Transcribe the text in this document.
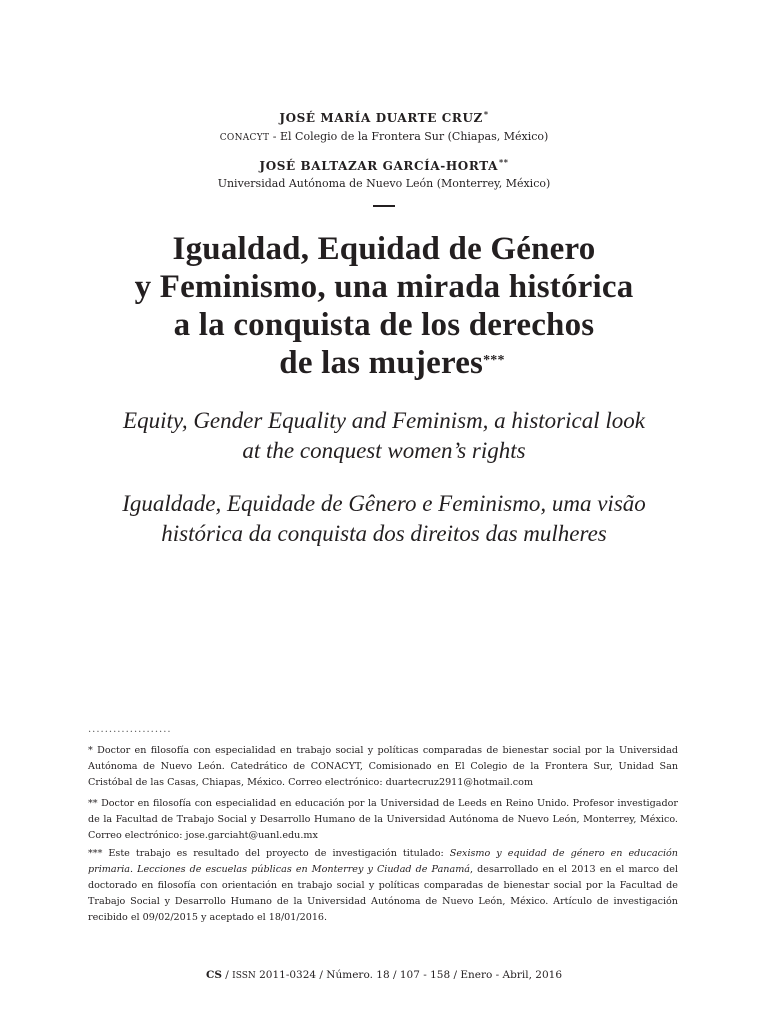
JOSÉ MARÍA DUARTE CRUZ*
CONACYT - El Colegio de la Frontera Sur (Chiapas, México)
JOSÉ BALTAZAR GARCÍA-HORTA**
Universidad Autónoma de Nuevo León (Monterrey, México)
Igualdad, Equidad de Género
y Feminismo, una mirada histórica
a la conquista de los derechos
de las mujeres***
Equity, Gender Equality and Feminism, a historical look
at the conquest women’s rights
Igualdade, Equidade de Gênero e Feminismo, uma visão
histórica da conquista dos direitos das mulheres
....................
* Doctor en filosofía con especialidad en trabajo social y políticas comparadas de bienestar social por la Universidad Autónoma de Nuevo León. Catedrático de CONACYT, Comisionado en El Colegio de la Frontera Sur, Unidad San Cristóbal de las Casas, Chiapas, México. Correo electrónico: duartecruz2911@hotmail.com
** Doctor en filosofía con especialidad en educación por la Universidad de Leeds en Reino Unido. Profesor investigador de la Facultad de Trabajo Social y Desarrollo Humano de la Universidad Autónoma de Nuevo León, Monterrey, México. Correo electrónico: jose.garciaht@uanl.edu.mx
*** Este trabajo es resultado del proyecto de investigación titulado: Sexismo y equidad de género en educación primaria. Lecciones de escuelas públicas en Monterrey y Ciudad de Panamá, desarrollado en el 2013 en el marco del doctorado en filosofía con orientación en trabajo social y políticas comparadas de bienestar social por la Facultad de Trabajo Social y Desarrollo Humano de la Universidad Autónoma de Nuevo León, México. Artículo de investigación recibido el 09/02/2015 y aceptado el 18/01/2016.
CS / ISSN 2011-0324 / Número. 18 / 107 - 158 / Enero - Abril, 2016
